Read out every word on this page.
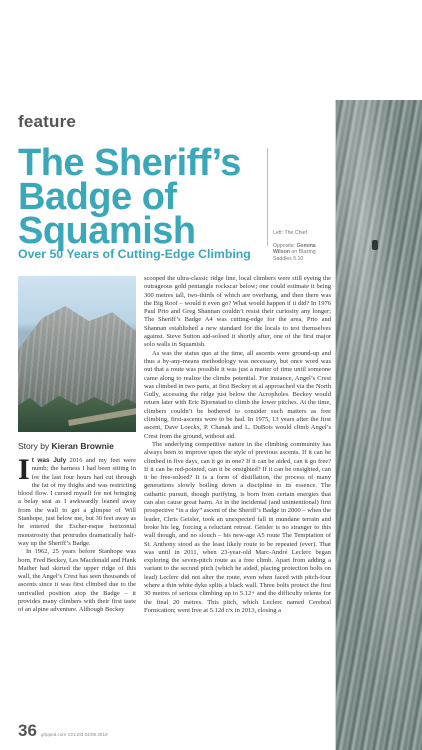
feature
The Sheriff’s
Badge of
Squamish
Over 50 Years of Cutting-Edge Climbing
Left: The Chief
Opposite: Gemma Wilson on Blazing Saddles 5.10
Story by Kieran Brownie

It was July 2016 and my feet were numb; the harness I had been sitting in for the last four hours had cut through the fat of my thighs and was restricting blood flow. I cursed myself for not bringing a belay seat as I awkwardly leaned away from the wall to get a glimpse of Will Stanhope, just below me, but 30 feet away as he entered the Escher-esque horizontal monstrosity that protrudes dramatically half-way up the Sheriff’s Badge.

In 1962, 25 years before Stanhope was born, Fred Beckey, Les Macdonald and Hank Mather had skirted the upper ridge of this wall, the Angel’s Crest has seen thousands of ascents since it was first climbed due to the unrivalled position atop the Badge – it provides many climbers with their first taste of an alpine adventure. Although Beckey

scooped the ultra-classic ridge line, local climbers were still eyeing the outrageous gold pentangle rockscar below; one could estimate it being 300 metres tall, two-thirds of which are overhung, and then there was the Big Roof – would it even go? What would happen if it did? In 1976 Paul Prio and Greg Shannan couldn’t resist their curiosity any longer; The Sheriff’s Badge A4 was cutting-edge for the area, Prio and Shannan established a new standard for the locals to test themselves against. Steve Sutton aid-soloed it shortly after, one of the first major solo walls in Squamish.

As was the status quo at the time, all ascents were ground-up and thus a by-any-means methodology was necessary, but once word was out that a route was possible it was just a matter of time until someone came along to realize the climbs potential. For instance, Angel’s Crest was climbed in two parts, at first Beckey et al approached via the North Gully, accessing the ridge just below the Acropholes. Beckey would return later with Eric Bjornstad to climb the lower pitches. At the time, climbers couldn’t be bothered to consider such matters as free climbing, first-ascents were to be had. In 1975, 13 years after the first ascent, Dave Loeckx, P. Chanak and L. DuBois would climb Angel’s Crest from the ground, without aid.

The underlying competitive nature in the climbing community has always been to improve upon the style of previous ascents. If it can be climbed in five days, can it go in one? If it can be aided, can it go free? If it can be red-pointed, can it be onsighted? If it can be onsighted, can it be free-soloed? It is a form of distillation, the process of many generations slowly boiling down a discipline to its essence. The cathartic pursuit, though purifying, is born from certain energies that can also cause great harm. As in the incidental (and unintentional) first prospective “in a day” ascent of the Sheriff’s Badge in 2000 – when the leader, Chris Geisler, took an unexpected fall in mundane terrain and broke his leg, forcing a reluctant retreat. Geisler is no stranger to this wall though, and no slouch – his new-age A5 route The Temptation of St. Anthony stood as the least likely route to be repeated (ever). That was until in 2011, when 23-year-old Marc-André Leclerc began exploring the seven-pitch route as a free climb. Apart from adding a variant to the second pitch (which he aided, placing protection bolts on lead) Leclerc did not alter the route, even when faced with pitch-four where a thin white dyke splits a black wall. Three bolts protect the first 30 metres of serious climbing up to 5.12+ and the difficulty relents for the final 20 metres. This pitch, which Leclerc named Cerebral Fornication; went free at 5.12d r/x in 2013, closing a

36 gripped.com V21.I03 04/05 2019
